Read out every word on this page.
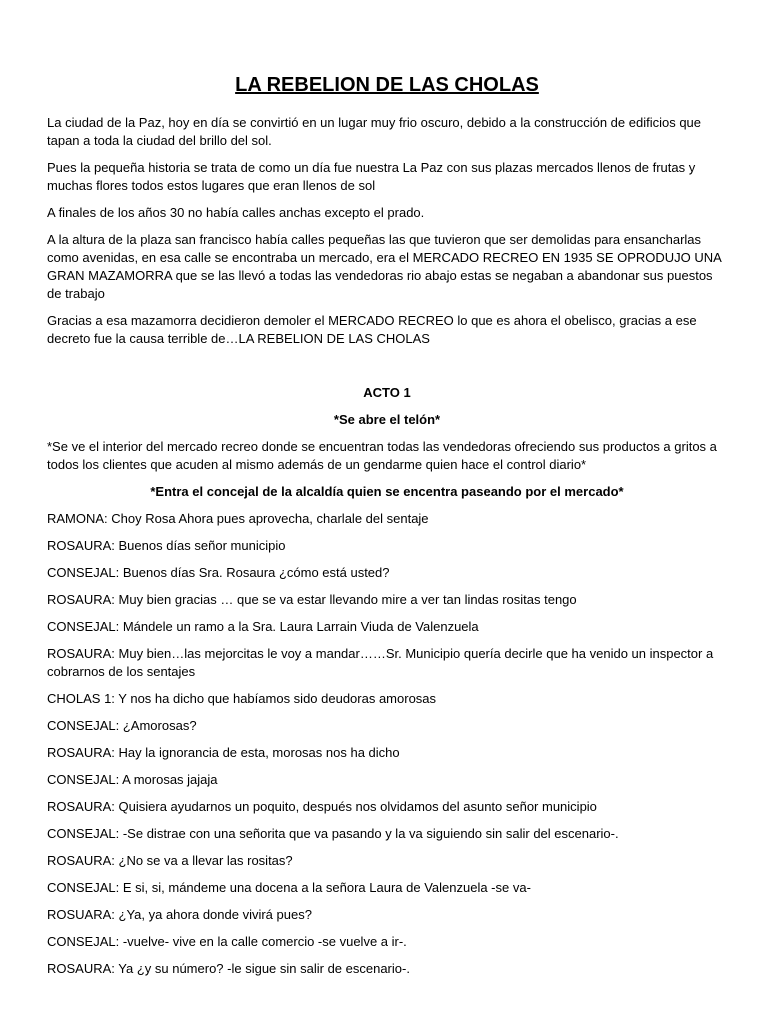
LA REBELION DE LAS CHOLAS

La ciudad de la Paz, hoy en día se convirtió en un lugar muy frio oscuro, debido a la construcción de edificios que tapan a toda la ciudad del brillo del sol.

Pues la pequeña historia se trata de como un día fue nuestra La Paz con sus plazas mercados llenos de frutas y muchas flores todos estos lugares que eran llenos de sol

A finales de los años 30 no había calles anchas excepto el prado.

A la altura de la plaza san francisco había calles pequeñas las que tuvieron que ser demolidas para ensancharlas como avenidas, en esa calle se encontraba un mercado, era el MERCADO RECREO EN 1935 SE OPRODUJO UNA GRAN MAZAMORRA que se las llevó a todas las vendedoras rio abajo estas se negaban a abandonar sus puestos de trabajo

Gracias a esa mazamorra decidieron demoler el MERCADO RECREO lo que es ahora el obelisco, gracias a ese decreto fue la causa terrible de…LA REBELION DE LAS CHOLAS

ACTO 1

*Se abre el telón*

*Se ve el interior del mercado recreo donde se encuentran todas las vendedoras ofreciendo sus productos a gritos a todos los clientes que acuden al mismo además de un gendarme quien hace el control diario*

*Entra el concejal de la alcaldía quien se encentra paseando por el mercado*

RAMONA: Choy Rosa Ahora pues aprovecha, charlale del sentaje

ROSAURA: Buenos días señor municipio

CONSEJAL: Buenos días Sra. Rosaura ¿cómo está usted?

ROSAURA: Muy bien gracias … que se va estar llevando mire a ver tan lindas rositas tengo

CONSEJAL: Mándele un ramo a la Sra. Laura Larrain Viuda de Valenzuela

ROSAURA: Muy bien…las mejorcitas le voy a mandar……Sr. Municipio quería decirle que ha venido un inspector a cobrarnos de los sentajes

CHOLAS 1: Y nos ha dicho que habíamos sido deudoras amorosas

CONSEJAL: ¿Amorosas?

ROSAURA: Hay la ignorancia de esta, morosas nos ha dicho

CONSEJAL: A morosas jajaja

ROSAURA: Quisiera ayudarnos un poquito, después nos olvidamos del asunto señor municipio

CONSEJAL: -Se distrae con una señorita que va pasando y la va siguiendo sin salir del escenario-.

ROSAURA: ¿No se va a llevar las rositas?

CONSEJAL: E si, si, mándeme una docena a la señora Laura de Valenzuela -se va-

ROSUARA: ¿Ya, ya ahora donde vivirá pues?

CONSEJAL: -vuelve- vive en la calle comercio -se vuelve a ir-.

ROSAURA: Ya ¿y su número? -le sigue sin salir de escenario-.
